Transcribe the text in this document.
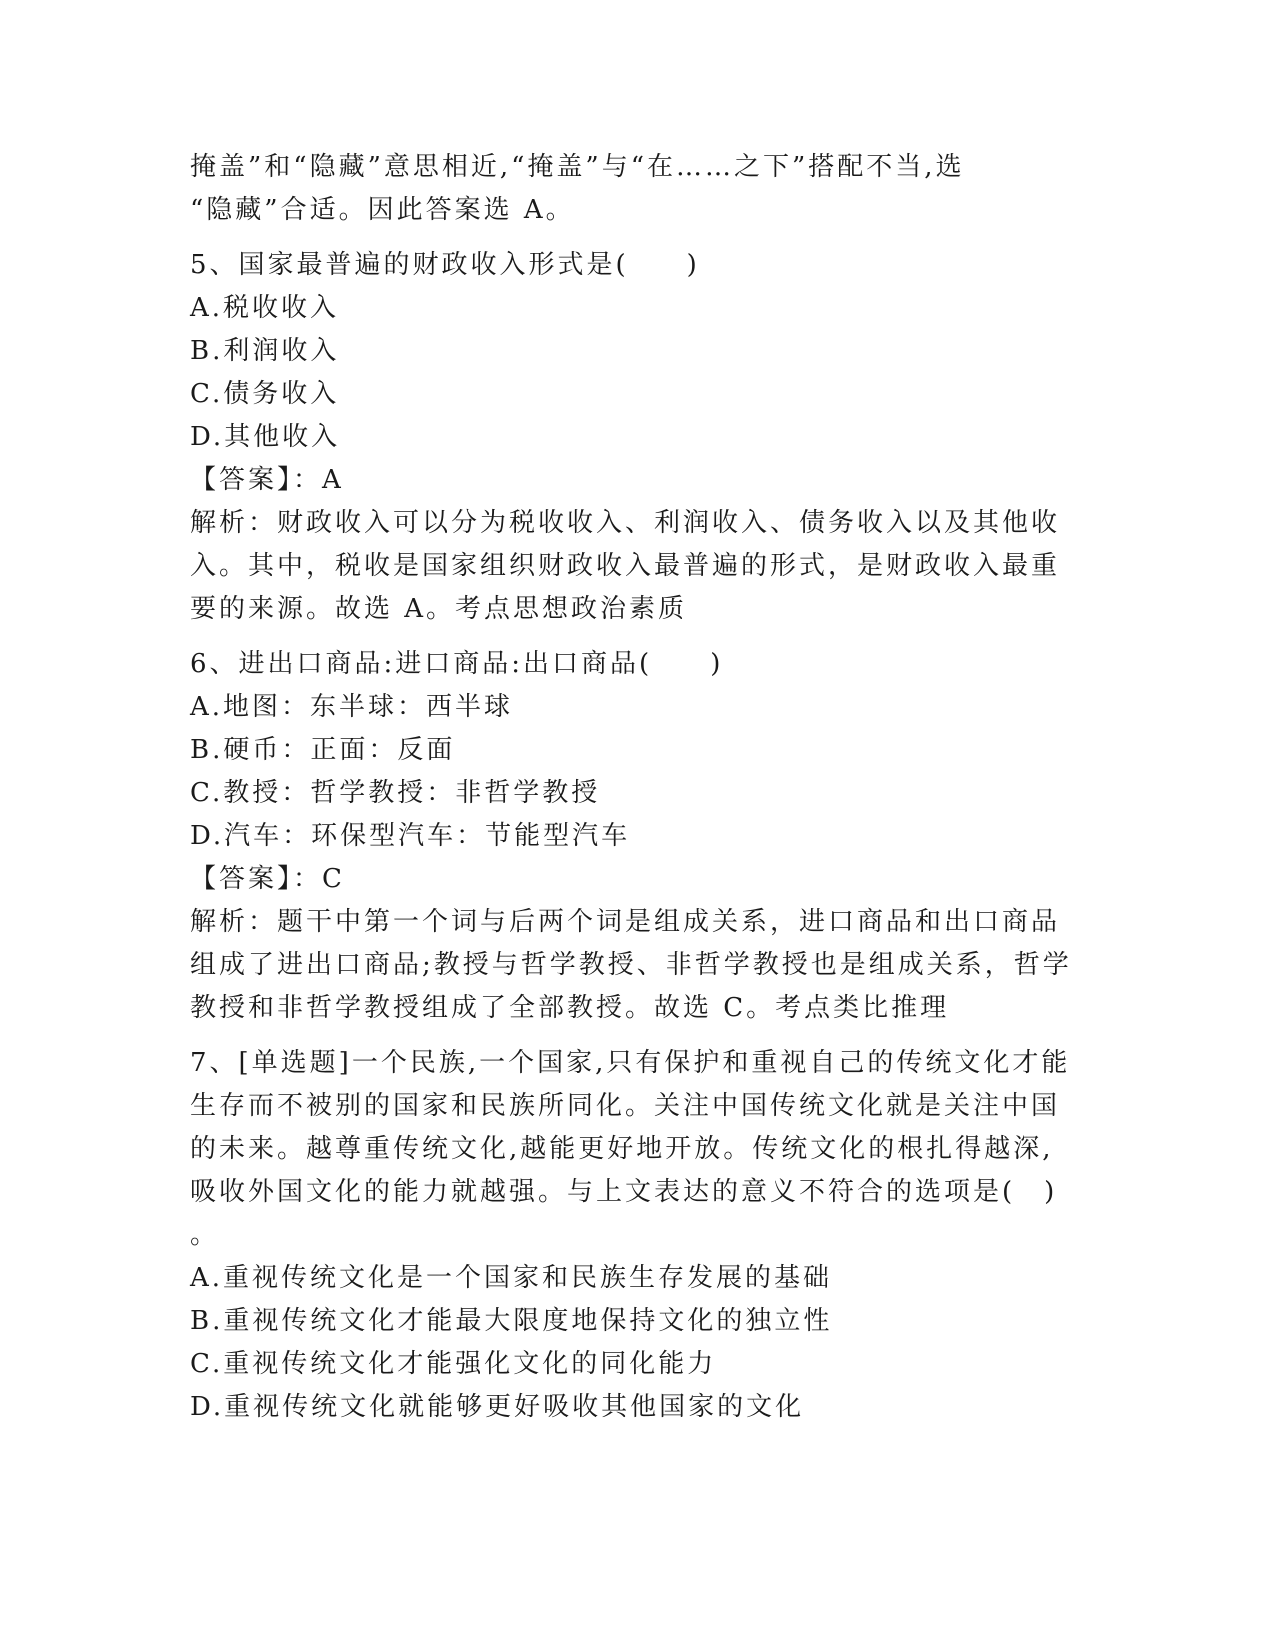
掩盖”和“隐藏”意思相近,“掩盖”与“在……之下”搭配不当,选
“隐藏”合适。因此答案选 A。
5、国家最普遍的财政收入形式是(　　)
A.税收收入
B.利润收入
C.债务收入
D.其他收入
【答案】：A
解析：财政收入可以分为税收收入、利润收入、债务收入以及其他收
入。其中，税收是国家组织财政收入最普遍的形式，是财政收入最重
要的来源。故选 A。考点思想政治素质
6、进出口商品:进口商品:出口商品(　　)
A.地图：东半球：西半球
B.硬币：正面：反面
C.教授：哲学教授：非哲学教授
D.汽车：环保型汽车：节能型汽车
【答案】：C
解析：题干中第一个词与后两个词是组成关系，进口商品和出口商品
组成了进出口商品;教授与哲学教授、非哲学教授也是组成关系，哲学
教授和非哲学教授组成了全部教授。故选 C。考点类比推理
7、[单选题]一个民族,一个国家,只有保护和重视自己的传统文化才能
生存而不被别的国家和民族所同化。关注中国传统文化就是关注中国
的未来。越尊重传统文化,越能更好地开放。传统文化的根扎得越深,
吸收外国文化的能力就越强。与上文表达的意义不符合的选项是(　)
。
A.重视传统文化是一个国家和民族生存发展的基础
B.重视传统文化才能最大限度地保持文化的独立性
C.重视传统文化才能强化文化的同化能力
D.重视传统文化就能够更好吸收其他国家的文化
